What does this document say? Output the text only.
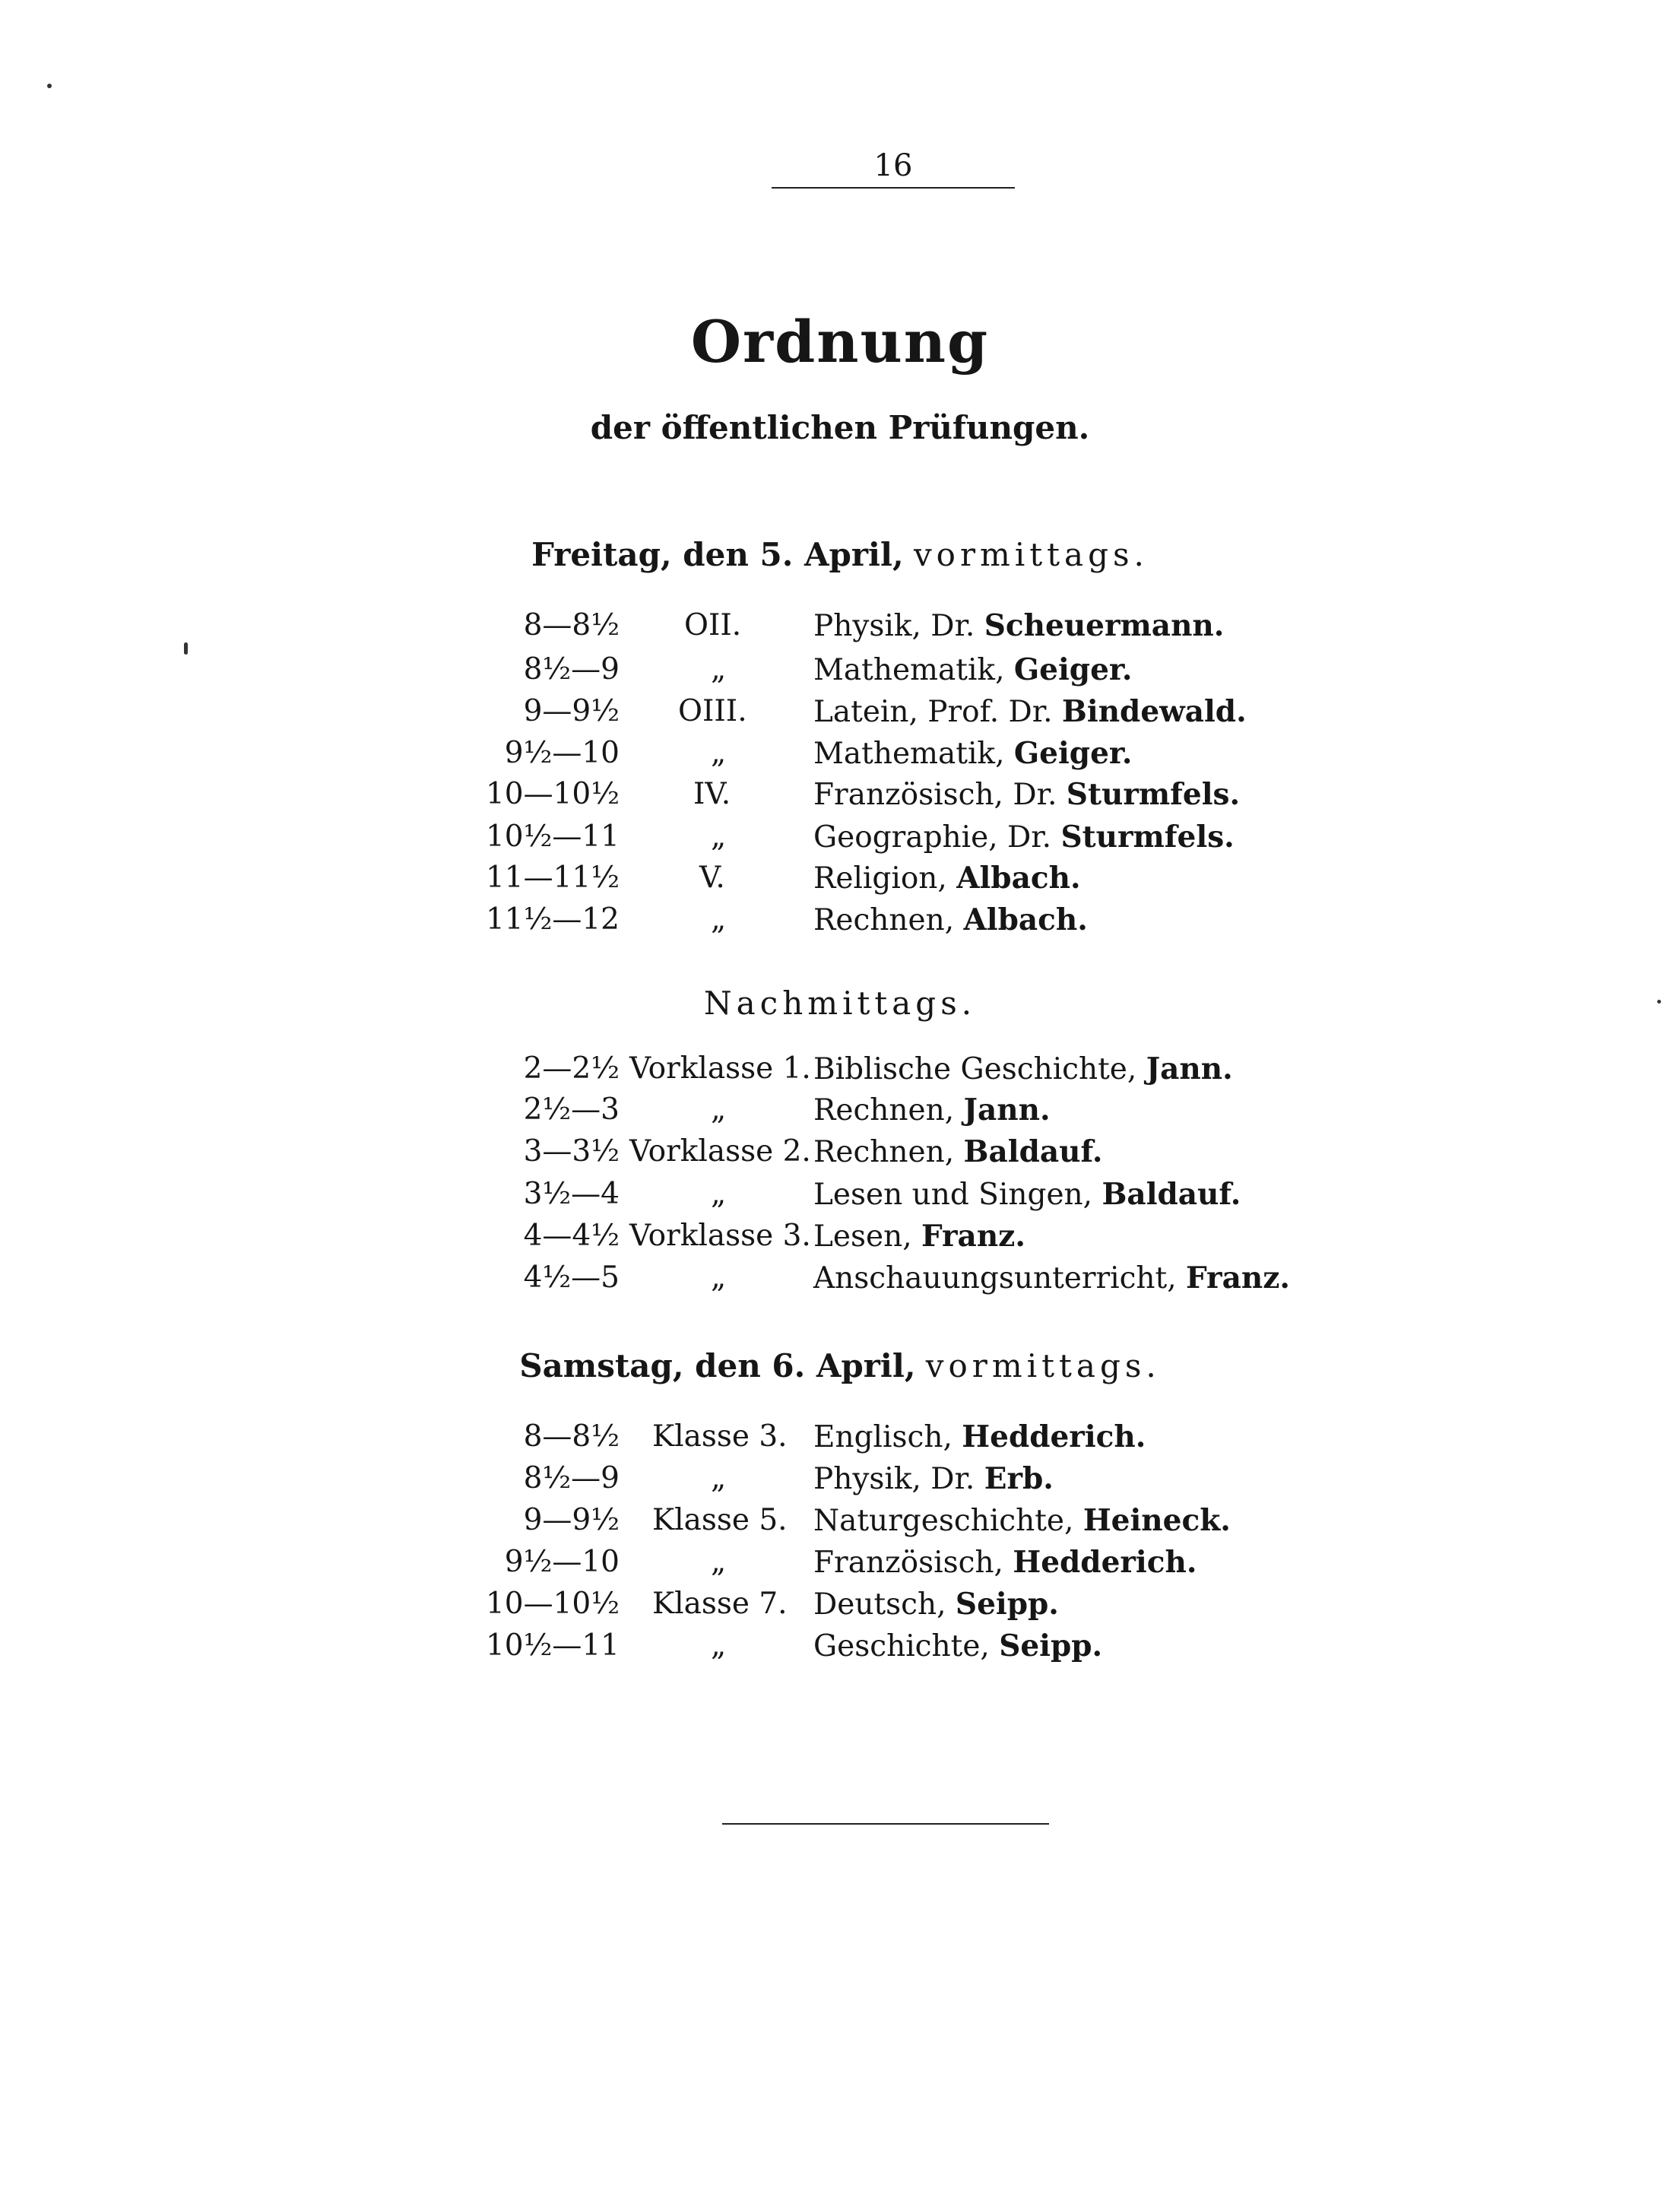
16
Ordnung
der öffentlichen Prüfungen.
Freitag, den 5. April, vormittags.
8—8½ OII. Physik, Dr. Scheuermann.
8½—9	„	Mathematik, Geiger.
9—9½ OIII. Latein, Prof. Dr. Bindewald.
9½—10	„	Mathematik, Geiger.
10—10½ IV.	Französisch, Dr. Sturmfels.
10½—11	„	Geographie, Dr. Sturmfels.
11—11½	V.	Religion, Albach.
11½—12	„	Rechnen, Albach.
Nachmittags.
2—2½ Vorklasse 1. Biblische Geschichte, Jann.
2½—3	„	Rechnen, Jann.
3—3½ Vorklasse 2. Rechnen, Baldauf.
3½—4	„	Lesen und Singen, Baldauf.
4—4½ Vorklasse 3. Lesen, Franz.
4½—5	„	Anschauungsunterricht, Franz.
Samstag, den 6. April, vormittags.
8—8½ Klasse 3. Englisch, Hedderich.
8½—9	„	Physik, Dr. Erb.
9—9½ Klasse 5. Naturgeschichte, Heineck.
9½—10	„	Französisch, Hedderich.
10—10½ Klasse 7. Deutsch, Seipp.
10½—11	„	Geschichte, Seipp.
